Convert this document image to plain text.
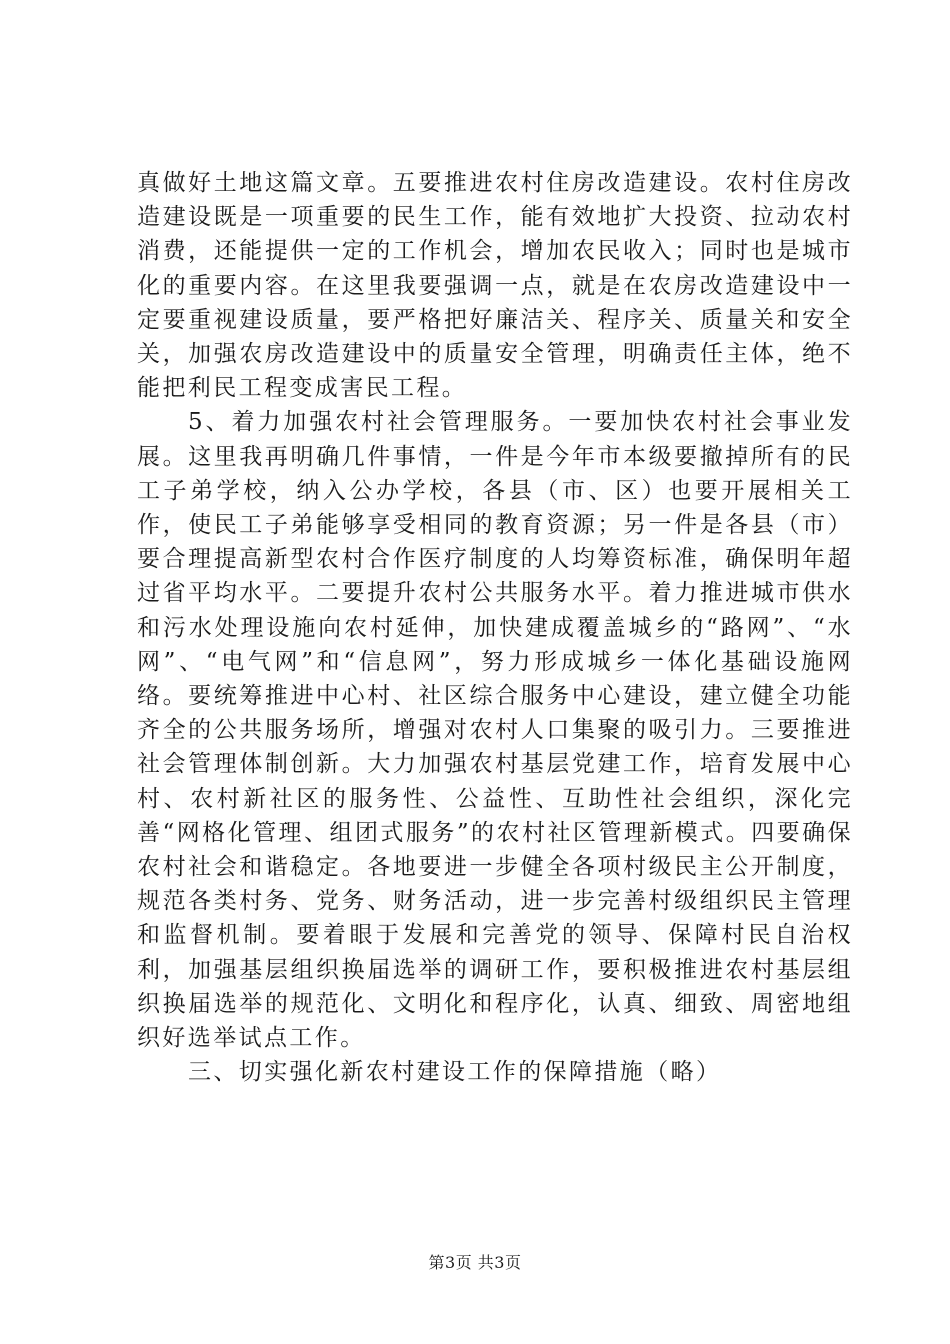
真做好土地这篇文章。五要推进农村住房改造建设。农村住房改造建设既是一项重要的民生工作，能有效地扩大投资、拉动农村消费，还能提供一定的工作机会，增加农民收入；同时也是城市化的重要内容。在这里我要强调一点，就是在农房改造建设中一定要重视建设质量，要严格把好廉洁关、程序关、质量关和安全关，加强农房改造建设中的质量安全管理，明确责任主体，绝不能把利民工程变成害民工程。

5、着力加强农村社会管理服务。一要加快农村社会事业发展。这里我再明确几件事情，一件是今年市本级要撤掉所有的民工子弟学校，纳入公办学校，各县（市、区）也要开展相关工作，使民工子弟能够享受相同的教育资源；另一件是各县（市）要合理提高新型农村合作医疗制度的人均筹资标准，确保明年超过省平均水平。二要提升农村公共服务水平。着力推进城市供水和污水处理设施向农村延伸，加快建成覆盖城乡的“路网”、“水网”、“电气网”和“信息网”，努力形成城乡一体化基础设施网络。要统筹推进中心村、社区综合服务中心建设，建立健全功能齐全的公共服务场所，增强对农村人口集聚的吸引力。三要推进社会管理体制创新。大力加强农村基层党建工作，培育发展中心村、农村新社区的服务性、公益性、互助性社会组织，深化完善“网格化管理、组团式服务”的农村社区管理新模式。四要确保农村社会和谐稳定。各地要进一步健全各项村级民主公开制度，规范各类村务、党务、财务活动，进一步完善村级组织民主管理和监督机制。要着眼于发展和完善党的领导、保障村民自治权利，加强基层组织换届选举的调研工作，要积极推进农村基层组织换届选举的规范化、文明化和程序化，认真、细致、周密地组织好选举试点工作。

三、切实强化新农村建设工作的保障措施（略）

第3页 共3页
